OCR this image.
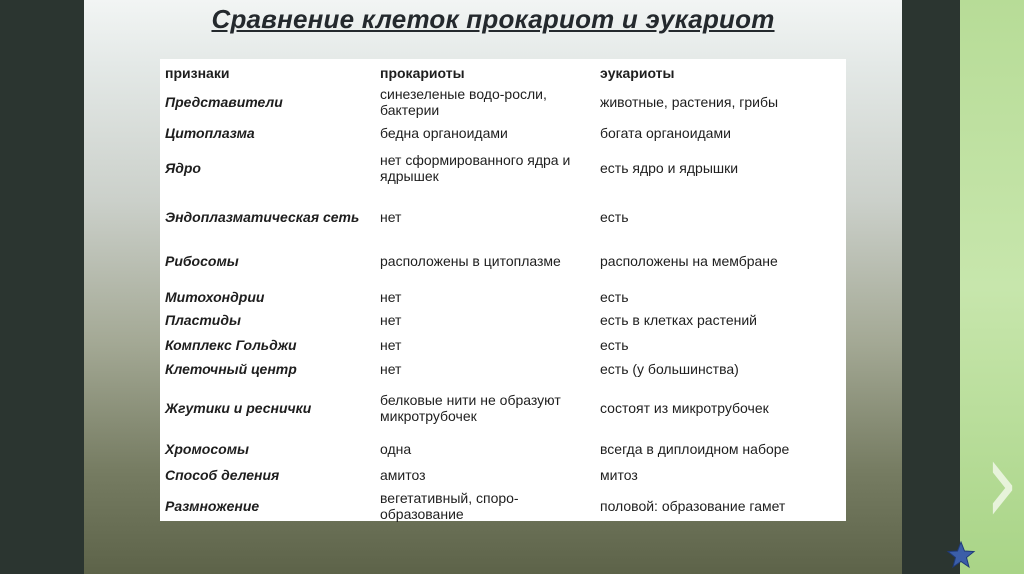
›
Сравнение клеток прокариот и эукариот
признаки	прокариоты	эукариоты
Представители	синезеленые водо-росли, бактерии	животные, растения, грибы
Цитоплазма	бедна органоидами	богата органоидами
Ядро	нет сформированного ядра и ядрышек	есть ядро и ядрышки
Эндоплазматическая сеть	нет	есть
Рибосомы	расположены в цитоплазме	расположены на мембране
Митохондрии	нет	есть
Пластиды	нет	есть в клетках растений
Комплекс Гольджи	нет	есть
Клеточный центр	нет	есть (у большинства)
Жгутики и реснички	белковые нити не образуют микротрубочек	состоят из микротрубочек
Хромосомы	одна	всегда в диплоидном наборе
Способ деления	амитоз	митоз
Размножение	вегетативный, споро-образование	половой: образование гамет
